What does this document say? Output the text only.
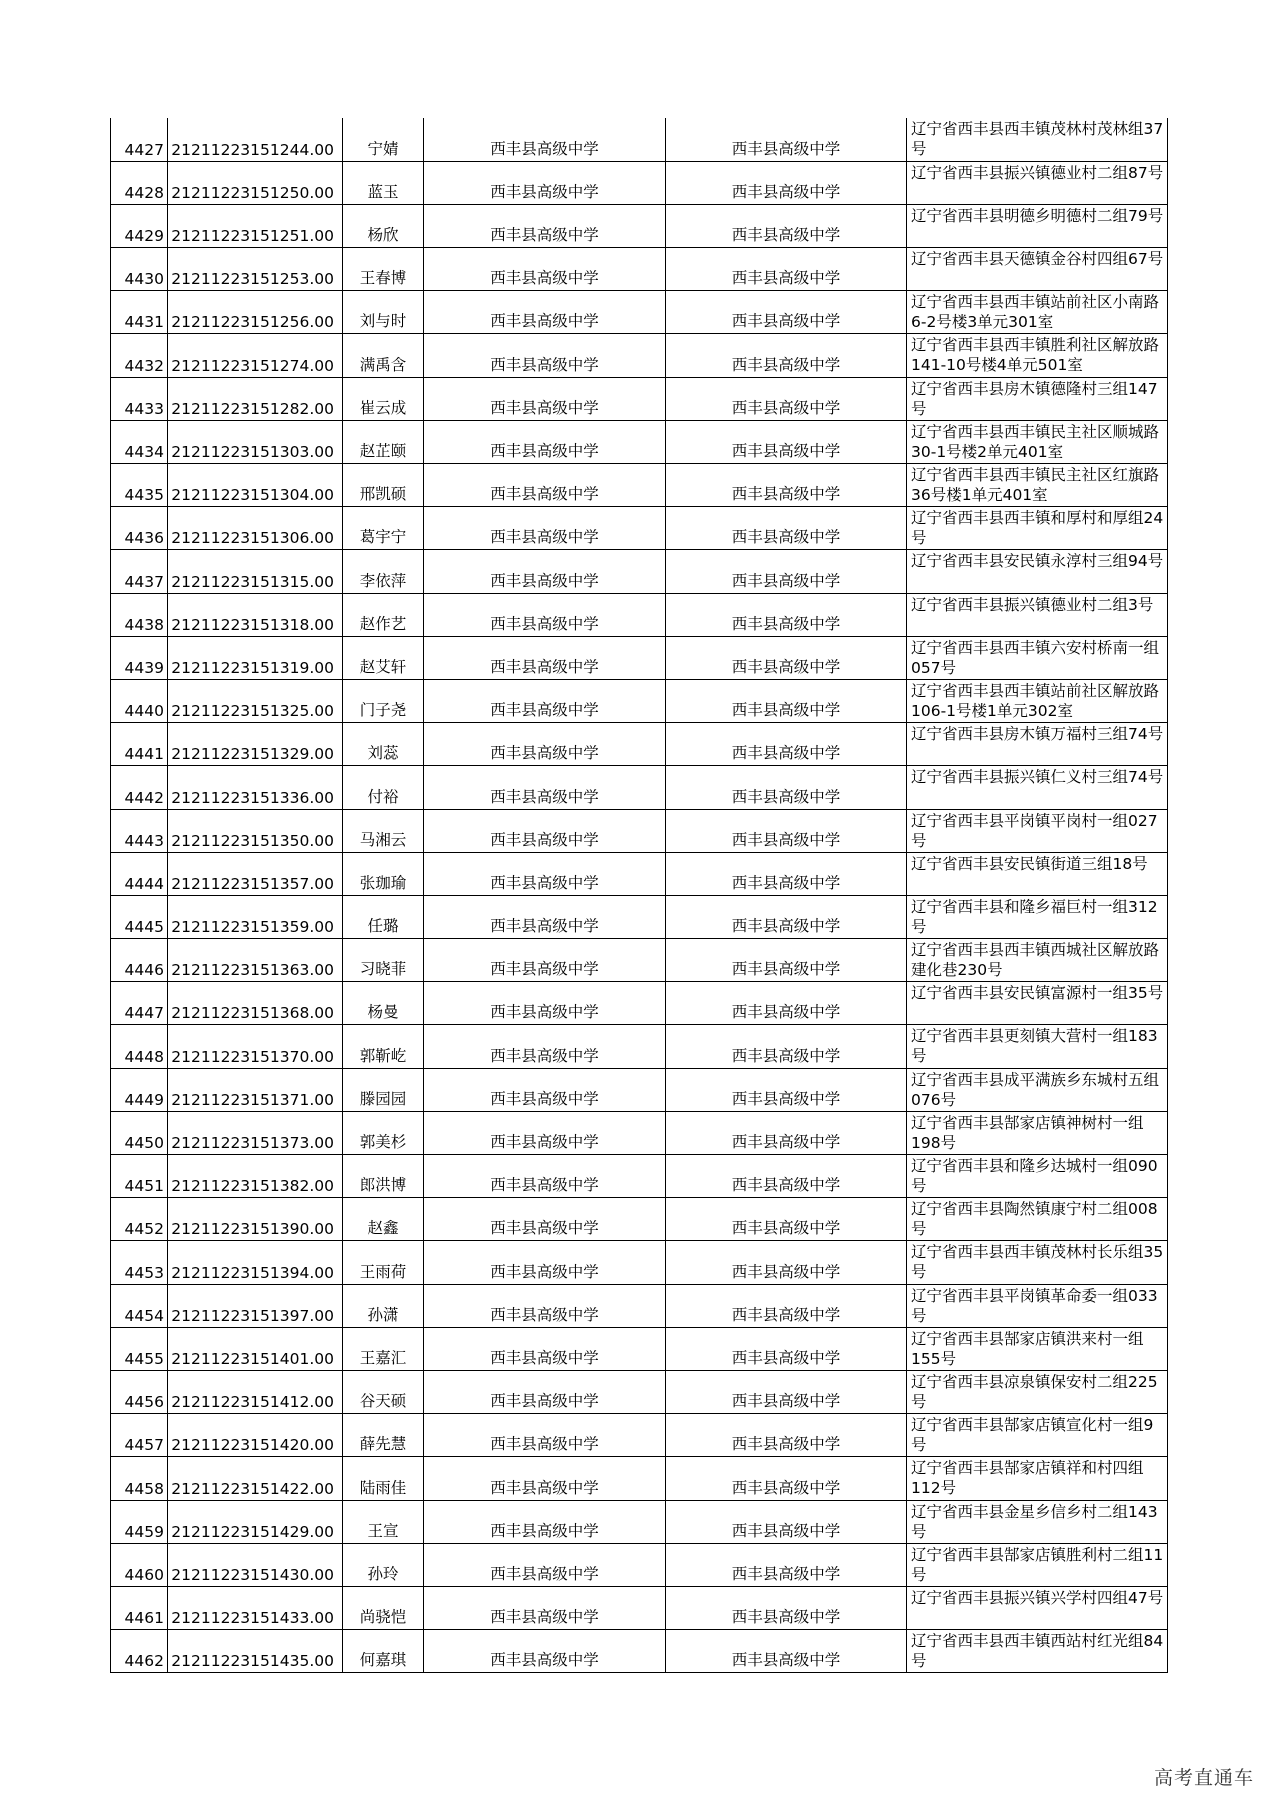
4427	21211223151244.00	宁婧	西丰县高级中学	西丰县高级中学	辽宁省西丰县西丰镇茂林村茂林组37号
4428	21211223151250.00	蓝玉	西丰县高级中学	西丰县高级中学	辽宁省西丰县振兴镇德业村二组87号
4429	21211223151251.00	杨欣	西丰县高级中学	西丰县高级中学	辽宁省西丰县明德乡明德村二组79号
4430	21211223151253.00	王春博	西丰县高级中学	西丰县高级中学	辽宁省西丰县天德镇金谷村四组67号
4431	21211223151256.00	刘与时	西丰县高级中学	西丰县高级中学	辽宁省西丰县西丰镇站前社区小南路6-2号楼3单元301室
4432	21211223151274.00	满禹含	西丰县高级中学	西丰县高级中学	辽宁省西丰县西丰镇胜利社区解放路141-10号楼4单元501室
4433	21211223151282.00	崔云成	西丰县高级中学	西丰县高级中学	辽宁省西丰县房木镇德隆村三组147号
4434	21211223151303.00	赵芷颐	西丰县高级中学	西丰县高级中学	辽宁省西丰县西丰镇民主社区顺城路30-1号楼2单元401室
4435	21211223151304.00	邢凯硕	西丰县高级中学	西丰县高级中学	辽宁省西丰县西丰镇民主社区红旗路36号楼1单元401室
4436	21211223151306.00	葛宇宁	西丰县高级中学	西丰县高级中学	辽宁省西丰县西丰镇和厚村和厚组24号
4437	21211223151315.00	李依萍	西丰县高级中学	西丰县高级中学	辽宁省西丰县安民镇永淳村三组94号
4438	21211223151318.00	赵作艺	西丰县高级中学	西丰县高级中学	辽宁省西丰县振兴镇德业村二组3号
4439	21211223151319.00	赵艾轩	西丰县高级中学	西丰县高级中学	辽宁省西丰县西丰镇六安村桥南一组057号
4440	21211223151325.00	门子尧	西丰县高级中学	西丰县高级中学	辽宁省西丰县西丰镇站前社区解放路106-1号楼1单元302室
4441	21211223151329.00	刘蕊	西丰县高级中学	西丰县高级中学	辽宁省西丰县房木镇万福村三组74号
4442	21211223151336.00	付裕	西丰县高级中学	西丰县高级中学	辽宁省西丰县振兴镇仁义村三组74号
4443	21211223151350.00	马湘云	西丰县高级中学	西丰县高级中学	辽宁省西丰县平岗镇平岗村一组027号
4444	21211223151357.00	张珈瑜	西丰县高级中学	西丰县高级中学	辽宁省西丰县安民镇街道三组18号
4445	21211223151359.00	任璐	西丰县高级中学	西丰县高级中学	辽宁省西丰县和隆乡福巨村一组312号
4446	21211223151363.00	习晓菲	西丰县高级中学	西丰县高级中学	辽宁省西丰县西丰镇西城社区解放路建化巷230号
4447	21211223151368.00	杨曼	西丰县高级中学	西丰县高级中学	辽宁省西丰县安民镇富源村一组35号
4448	21211223151370.00	郭靳屹	西丰县高级中学	西丰县高级中学	辽宁省西丰县更刻镇大营村一组183号
4449	21211223151371.00	滕园园	西丰县高级中学	西丰县高级中学	辽宁省西丰县成平满族乡东城村五组076号
4450	21211223151373.00	郭美杉	西丰县高级中学	西丰县高级中学	辽宁省西丰县郜家店镇神树村一组198号
4451	21211223151382.00	郎洪博	西丰县高级中学	西丰县高级中学	辽宁省西丰县和隆乡达城村一组090号
4452	21211223151390.00	赵鑫	西丰县高级中学	西丰县高级中学	辽宁省西丰县陶然镇康宁村二组008号
4453	21211223151394.00	王雨荷	西丰县高级中学	西丰县高级中学	辽宁省西丰县西丰镇茂林村长乐组35号
4454	21211223151397.00	孙潇	西丰县高级中学	西丰县高级中学	辽宁省西丰县平岗镇革命委一组033号
4455	21211223151401.00	王嘉汇	西丰县高级中学	西丰县高级中学	辽宁省西丰县郜家店镇洪来村一组155号
4456	21211223151412.00	谷天硕	西丰县高级中学	西丰县高级中学	辽宁省西丰县凉泉镇保安村二组225号
4457	21211223151420.00	薛先慧	西丰县高级中学	西丰县高级中学	辽宁省西丰县郜家店镇宣化村一组9号
4458	21211223151422.00	陆雨佳	西丰县高级中学	西丰县高级中学	辽宁省西丰县郜家店镇祥和村四组112号
4459	21211223151429.00	王宣	西丰县高级中学	西丰县高级中学	辽宁省西丰县金星乡信乡村二组143号
4460	21211223151430.00	孙玲	西丰县高级中学	西丰县高级中学	辽宁省西丰县郜家店镇胜利村二组11号
4461	21211223151433.00	尚骁恺	西丰县高级中学	西丰县高级中学	辽宁省西丰县振兴镇兴学村四组47号
4462	21211223151435.00	何嘉琪	西丰县高级中学	西丰县高级中学	辽宁省西丰县西丰镇西站村红光组84号
高考直通车
